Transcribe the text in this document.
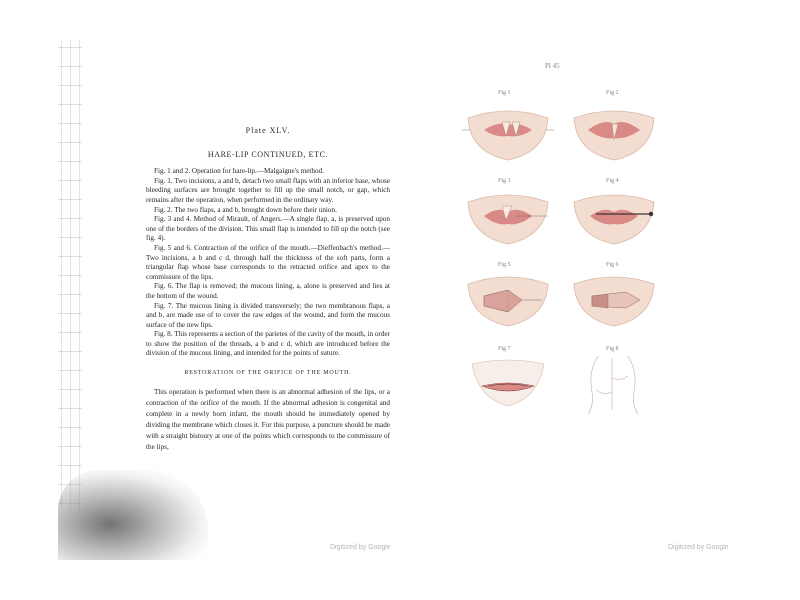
Plate XLV.
HARE-LIP CONTINUED, ETC.

Fig. 1 and 2. Operation for hare-lip.—Malgaigne's method.

Fig. 1. Two incisions, a and b, detach two small flaps with an inferior base, whose bleeding surfaces are brought together to fill up the small notch, or gap, which remains after the operation, when performed in the ordinary way.

Fig. 2. The two flaps, a and b, brought down before their union.

Fig. 3 and 4. Method of Mirault, of Angers.—A single flap, a, is preserved upon one of the borders of the division. This small flap is intended to fill up the notch (see fig. 4).

Fig. 5 and 6. Contraction of the orifice of the mouth.—Dieffenbach's method.—Two incisions, a b and c d, through half the thickness of the soft parts, form a triangular flap whose base corresponds to the retracted orifice and apex to the commissure of the lips.

Fig. 6. The flap is removed; the mucous lining, a, alone is preserved and lies at the bottom of the wound.

Fig. 7. The mucous lining is divided transversely; the two membranous flaps, a and b, are made use of to cover the raw edges of the wound, and form the mucous surface of the new lips.

Fig. 8. This represents a section of the parietes of the cavity of the mouth, in order to show the position of the threads, a b and c d, which are introduced before the division of the mucous lining, and intended for the points of suture.

RESTORATION OF THE ORIFICE OF THE MOUTH.

This operation is performed when there is an abnormal adhesion of the lips, or a contraction of the orifice of the mouth. If the abnormal adhesion is congenital and complete in a newly born infant, the mouth should be immediately opened by dividing the membrane which closes it. For this purpose, a puncture should be made with a straight bistoury at one of the points which corresponds to the commissure of the lips,

Digitized by Google
Pl 45
Fig 1	Fig 2
Fig 3	Fig 4
Fig 5	Fig 6
Fig 7	Fig 8
Digitized by Google
